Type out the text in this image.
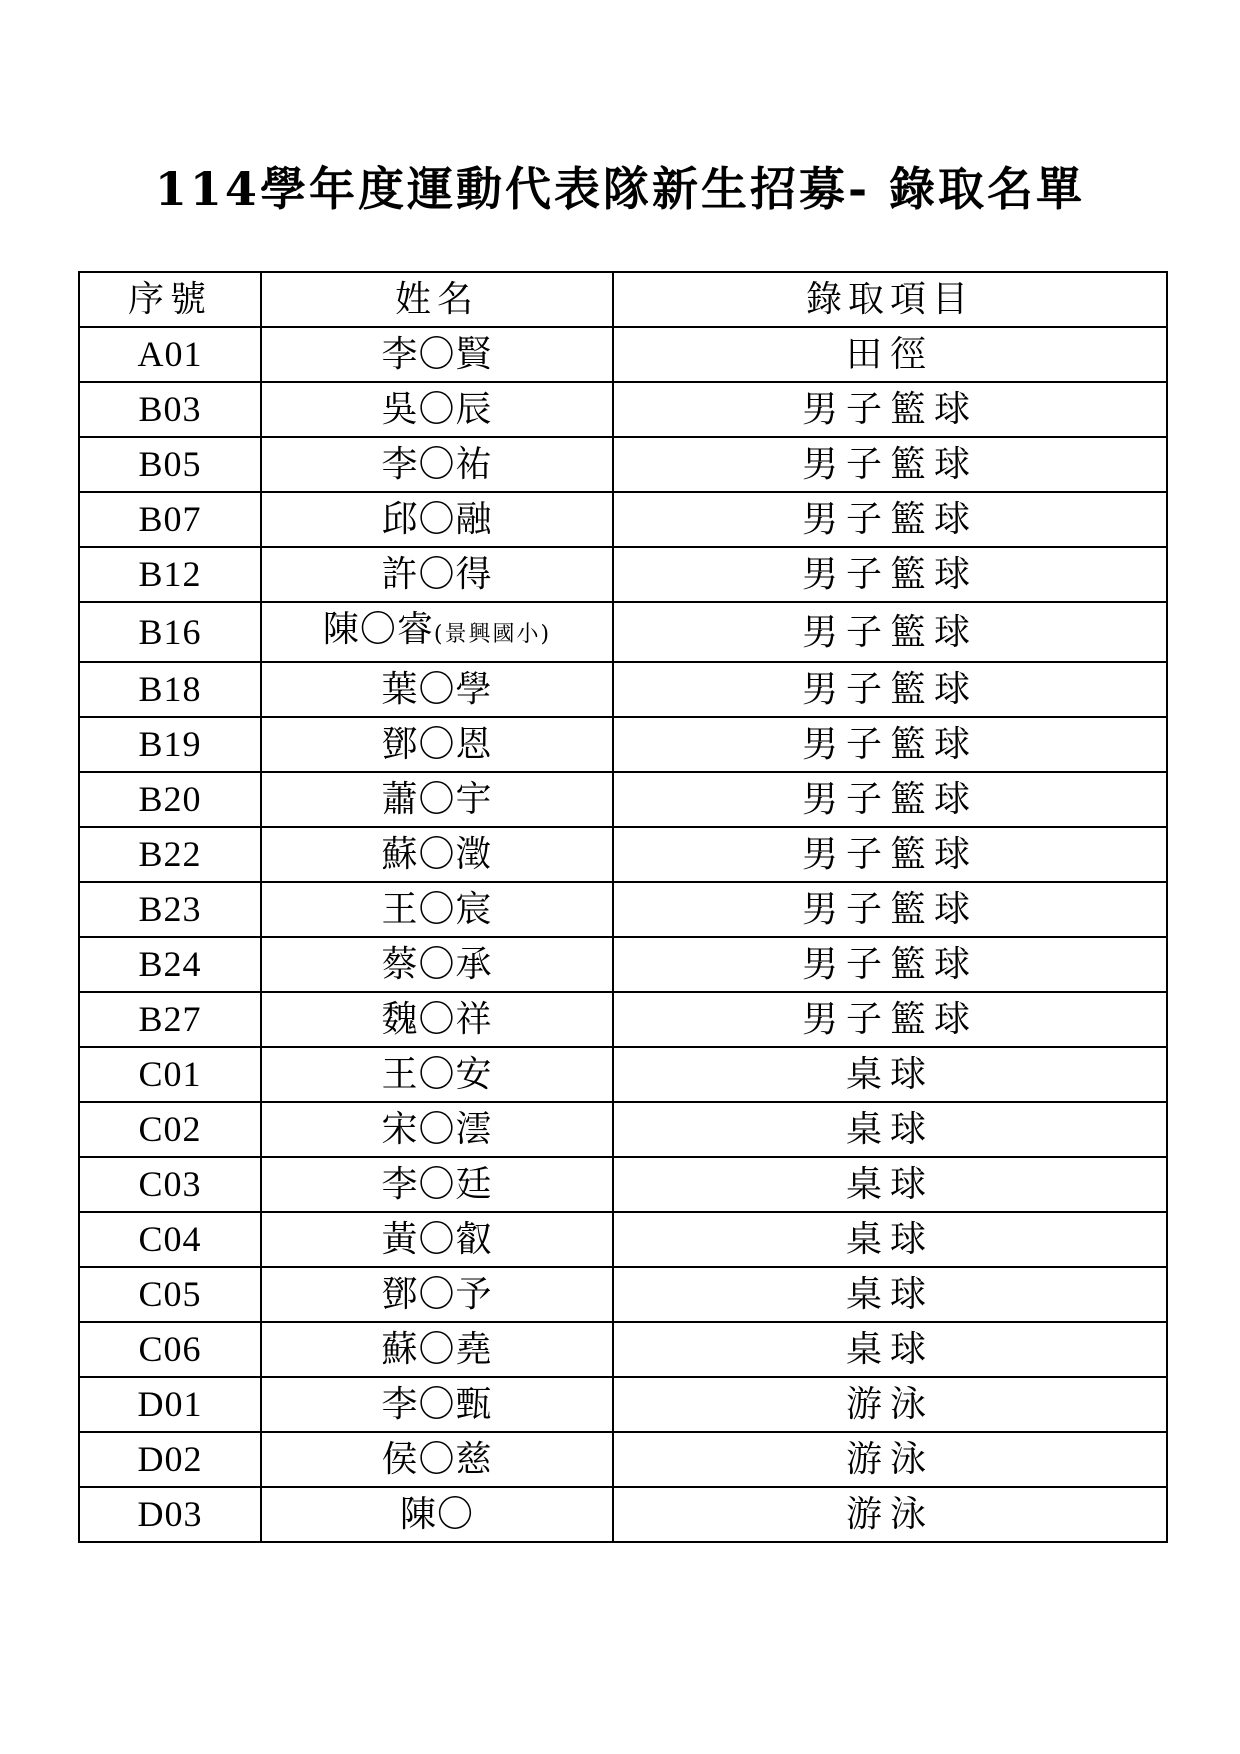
114學年度運動代表隊新生招募- 錄取名單
序號	姓名	錄取項目
A01	李〇賢	田徑
B03	吳〇辰	男子籃球
B05	李〇祐	男子籃球
B07	邱〇融	男子籃球
B12	許〇得	男子籃球
B16	陳〇睿(景興國小)	男子籃球
B18	葉〇學	男子籃球
B19	鄧〇恩	男子籃球
B20	蕭〇宇	男子籃球
B22	蘇〇澂	男子籃球
B23	王〇宸	男子籃球
B24	蔡〇承	男子籃球
B27	魏〇祥	男子籃球
C01	王〇安	桌球
C02	宋〇澐	桌球
C03	李〇廷	桌球
C04	黃〇叡	桌球
C05	鄧〇予	桌球
C06	蘇〇堯	桌球
D01	李〇甄	游泳
D02	侯〇慈	游泳
D03	陳〇	游泳
